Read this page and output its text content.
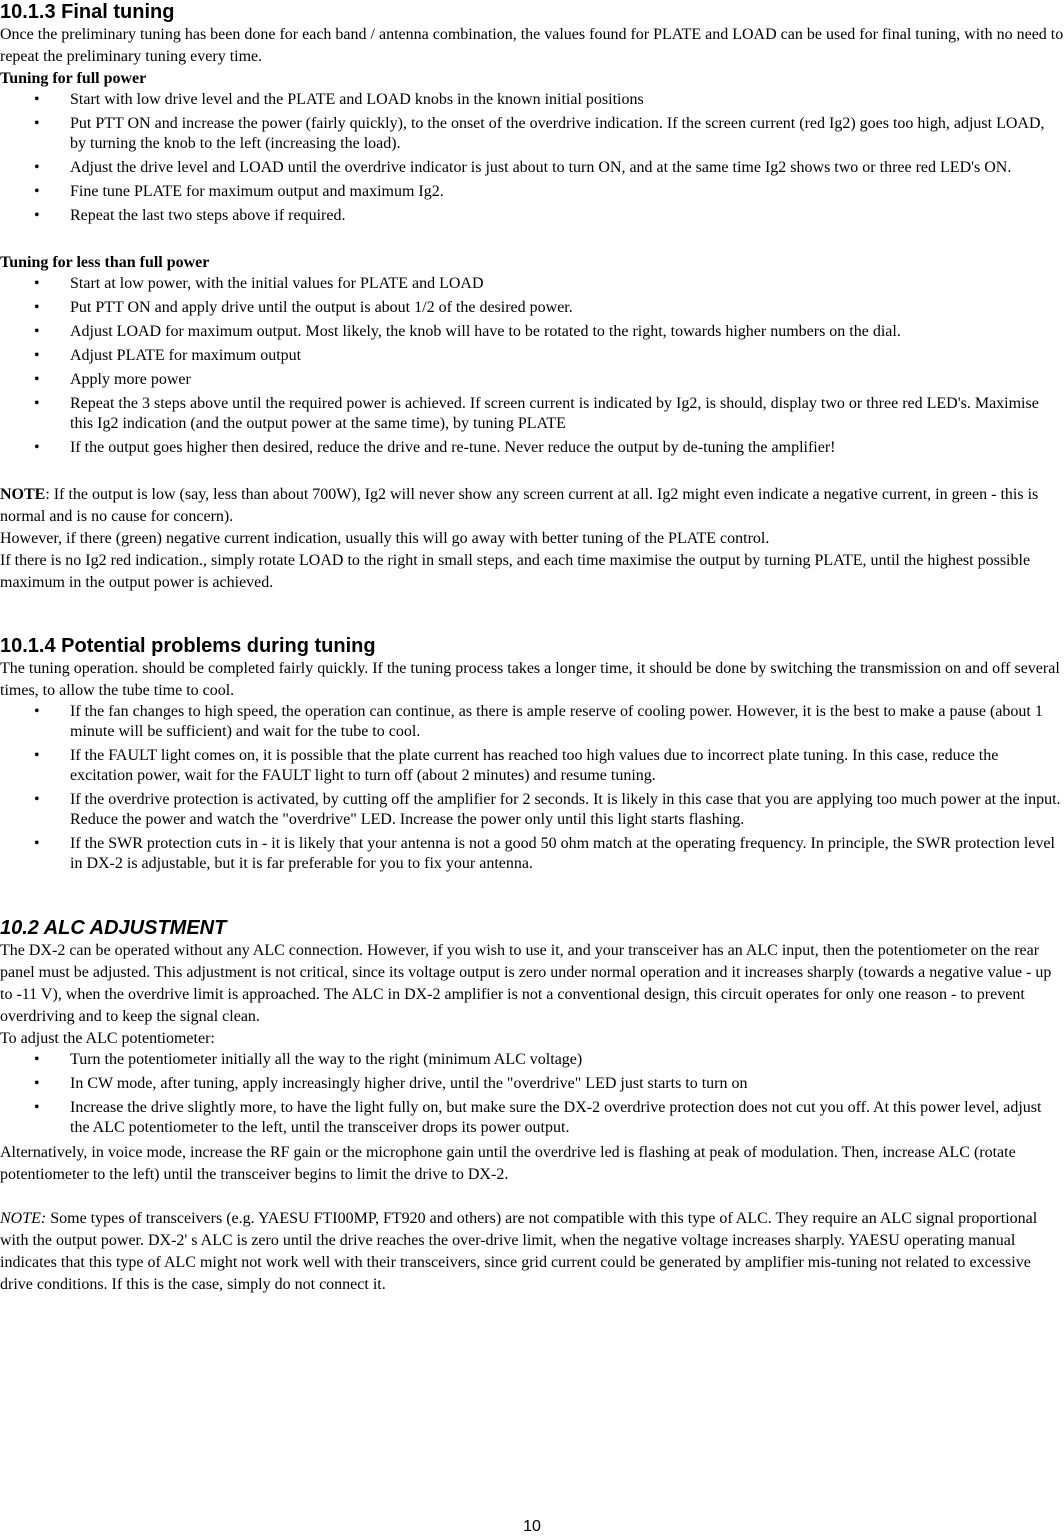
10.1.3 Final tuning

Once the preliminary tuning has been done for each band / antenna combination, the values found for PLATE and LOAD can be used for final tuning, with no need to repeat the preliminary tuning every time.

Tuning for full power

• Start with low drive level and the PLATE and LOAD knobs in the known initial positions
• Put PTT ON and increase the power (fairly quickly), to the onset of the overdrive indication. If the screen current (red Ig2) goes too high, adjust LOAD, by turning the knob to the left (increasing the load).
• Adjust the drive level and LOAD until the overdrive indicator is just about to turn ON, and at the same time Ig2 shows two or three red LED's ON.
• Fine tune PLATE for maximum output and maximum Ig2.
• Repeat the last two steps above if required.

Tuning for less than full power

• Start at low power, with the initial values for PLATE and LOAD
• Put PTT ON and apply drive until the output is about 1/2 of the desired power.
• Adjust LOAD for maximum output. Most likely, the knob will have to be rotated to the right, towards higher numbers on the dial.
• Adjust PLATE for maximum output
• Apply more power
• Repeat the 3 steps above until the required power is achieved. If screen current is indicated by Ig2, is should, display two or three red LED's. Maximise this Ig2 indication (and the output power at the same time), by tuning PLATE
• If the output goes higher then desired, reduce the drive and re-tune. Never reduce the output by de-tuning the amplifier!

NOTE: If the output is low (say, less than about 700W), Ig2 will never show any screen current at all. Ig2 might even indicate a negative current, in green - this is normal and is no cause for concern).

However, if there (green) negative current indication, usually this will go away with better tuning of the PLATE control.

If there is no Ig2 red indication., simply rotate LOAD to the right in small steps, and each time maximise the output by turning PLATE, until the highest possible maximum in the output power is achieved.

10.1.4 Potential problems during tuning

The tuning operation. should be completed fairly quickly. If the tuning process takes a longer time, it should be done by switching the transmission on and off several times, to allow the tube time to cool.

• If the fan changes to high speed, the operation can continue, as there is ample reserve of cooling power. However, it is the best to make a pause (about 1 minute will be sufficient) and wait for the tube to cool.
• If the FAULT light comes on, it is possible that the plate current has reached too high values due to incorrect plate tuning. In this case, reduce the excitation power, wait for the FAULT light to turn off (about 2 minutes) and resume tuning.
• If the overdrive protection is activated, by cutting off the amplifier for 2 seconds. It is likely in this case that you are applying too much power at the input. Reduce the power and watch the "overdrive" LED. Increase the power only until this light starts flashing.
• If the SWR protection cuts in - it is likely that your antenna is not a good 50 ohm match at the operating frequency. In principle, the SWR protection level in DX-2 is adjustable, but it is far preferable for you to fix your antenna.
10.2 ALC ADJUSTMENT

The DX-2 can be operated without any ALC connection. However, if you wish to use it, and your transceiver has an ALC input, then the potentiometer on the rear panel must be adjusted. This adjustment is not critical, since its voltage output is zero under normal operation and it increases sharply (towards a negative value - up to -11 V), when the overdrive limit is approached. The ALC in DX-2 amplifier is not a conventional design, this circuit operates for only one reason - to prevent overdriving and to keep the signal clean.

To adjust the ALC potentiometer:

• Turn the potentiometer initially all the way to the right (minimum ALC voltage)
• In CW mode, after tuning, apply increasingly higher drive, until the "overdrive" LED just starts to turn on
• Increase the drive slightly more, to have the light fully on, but make sure the DX-2 overdrive protection does not cut you off. At this power level, adjust the ALC potentiometer to the left, until the transceiver drops its power output.

Alternatively, in voice mode, increase the RF gain or the microphone gain until the overdrive led is flashing at peak of modulation. Then, increase ALC (rotate potentiometer to the left) until the transceiver begins to limit the drive to DX-2.

NOTE: Some types of transceivers (e.g. YAESU FTI00MP, FT920 and others) are not compatible with this type of ALC. They require an ALC signal proportional with the output power. DX-2' s ALC is zero until the drive reaches the over-drive limit, when the negative voltage increases sharply. YAESU operating manual indicates that this type of ALC might not work well with their transceivers, since grid current could be generated by amplifier mis-tuning not related to excessive drive conditions. If this is the case, simply do not connect it.

10
